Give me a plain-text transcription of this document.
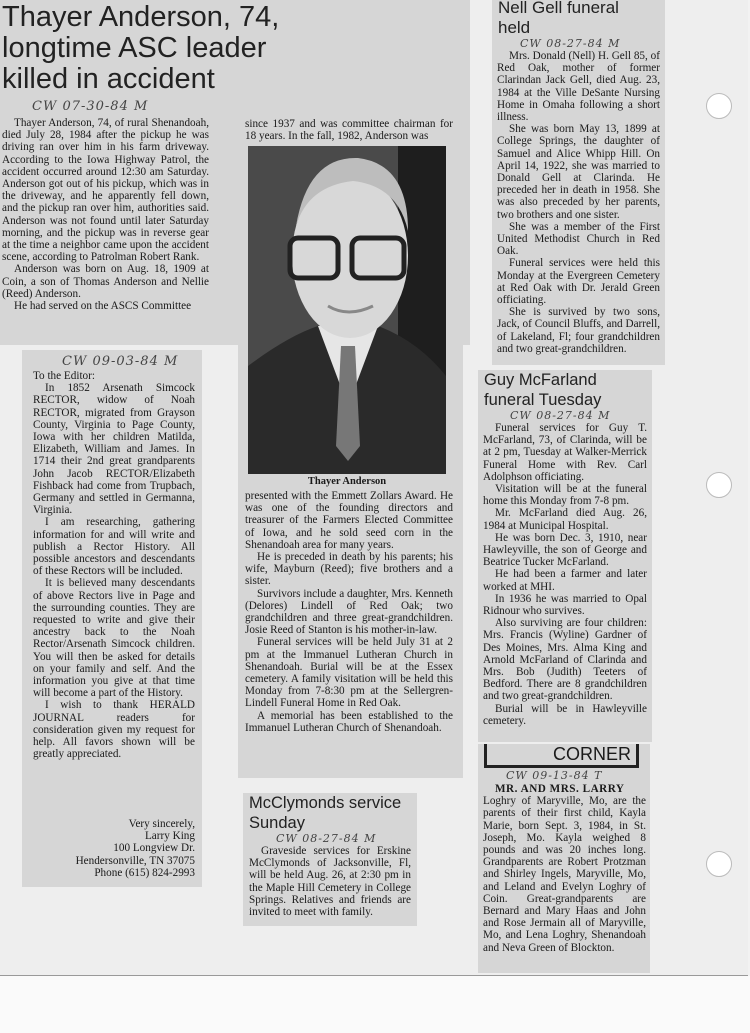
Thayer Anderson, 74, longtime ASC leader killed in accident
CW 07-30-84 M

Thayer Anderson, 74, of rural Shenandoah, died July 28, 1984 after the pickup he was driving ran over him in his farm driveway. According to the Iowa Highway Patrol, the accident occurred around 12:30 am Saturday. Anderson got out of his pickup, which was in the driveway, and he apparently fell down, and the pickup ran over him, authorities said. Anderson was not found until later Saturday morning, and the pickup was in reverse gear at the time a neighbor came upon the accident scene, according to Patrolman Robert Rank.

Anderson was born on Aug. 18, 1909 at Coin, a son of Thomas Anderson and Nellie (Reed) Anderson.

He had served on the ASCS Committee

since 1937 and was committee chairman for 18 years. In the fall, 1982, Anderson was

Thayer Anderson

presented with the Emmett Zollars Award. He was one of the founding directors and treasurer of the Farmers Elected Committee of Iowa, and he sold seed corn in the Shenandoah area for many years.

He is preceded in death by his parents; his wife, Mayburn (Reed); five brothers and a sister.

Survivors include a daughter, Mrs. Kenneth (Delores) Lindell of Red Oak; two grandchildren and three great-grandchildren. Josie Reed of Stanton is his mother-in-law.

Funeral services will be held July 31 at 2 pm at the Immanuel Lutheran Church in Shenandoah. Burial will be at the Essex cemetery. A family visitation will be held this Monday from 7-8:30 pm at the Sellergren-Lindell Funeral Home in Red Oak.

A memorial has been established to the Immanuel Lutheran Church of Shenandoah.

CW 09-03-84 M

To the Editor:

In 1852 Arsenath Simcock RECTOR, widow of Noah RECTOR, migrated from Grayson County, Virginia to Page County, Iowa with her children Matilda, Elizabeth, William and James. In 1714 their 2nd great grandparents John Jacob RECTOR/Elizabeth Fishback had come from Trupbach, Germany and settled in Germanna, Virginia.

I am researching, gathering information for and will write and publish a Rector History. All possible ancestors and descendants of these Rectors will be included.

It is believed many descendants of above Rectors live in Page and the surrounding counties. They are requested to write and give their ancestry back to the Noah Rector/Arsenath Simcock children. You will then be asked for details on your family and self. And the information you give at that time will become a part of the History.

I wish to thank HERALD JOURNAL readers for consideration given my request for help. All favors shown will be greatly appreciated.

Very sincerely,

Larry King

100 Longview Dr.

Hendersonville, TN 37075

Phone (615) 824-2993

Nell Gell funeral held
CW 08-27-84 M

Mrs. Donald (Nell) H. Gell 85, of Red Oak, mother of former Clarindan Jack Gell, died Aug. 23, 1984 at the Ville DeSante Nursing Home in Omaha following a short illness.

She was born May 13, 1899 at College Springs, the daughter of Samuel and Alice Whipp Hill. On April 14, 1922, she was married to Donald Gell at Clarinda. He preceded her in death in 1958. She was also preceded by her parents, two brothers and one sister.

She was a member of the First United Methodist Church in Red Oak.

Funeral services were held this Monday at the Evergreen Cemetery at Red Oak with Dr. Jerald Green officiating.

She is survived by two sons, Jack, of Council Bluffs, and Darrell, of Lakeland, Fl; four grandchildren and two great-grandchildren.

Guy McFarland funeral Tuesday
CW 08-27-84 M

Funeral services for Guy T. McFarland, 73, of Clarinda, will be at 2 pm, Tuesday at Walker-Merrick Funeral Home with Rev. Carl Adolphson officiating.

Visitation will be at the funeral home this Monday from 7-8 pm.

Mr. McFarland died Aug. 26, 1984 at Municipal Hospital.

He was born Dec. 3, 1910, near Hawleyville, the son of George and Beatrice Tucker McFarland.

He had been a farmer and later worked at MHI.

In 1936 he was married to Opal Ridnour who survives.

Also surviving are four children: Mrs. Francis (Wyline) Gardner of Des Moines, Mrs. Alma King and Arnold McFarland of Clarinda and Mrs. Bob (Judith) Teeters of Bedford. There are 8 grandchildren and two great-grandchildren.

Burial will be in Hawleyville cemetery.

CORNER
CW 09-13-84 T

MR. AND MRS. LARRY

Loghry of Maryville, Mo, are the parents of their first child, Kayla Marie, born Sept. 3, 1984, in St. Joseph, Mo. Kayla weighed 8 pounds and was 20 inches long. Grandparents are Robert Protzman and Shirley Ingels, Maryville, Mo, and Leland and Evelyn Loghry of Coin. Great-grandparents are Bernard and Mary Haas and John and Rose Jermain all of Maryville, Mo, and Lena Loghry, Shenandoah and Neva Green of Blockton.

McClymonds service Sunday
CW 08-27-84 M

Graveside services for Erskine McClymonds of Jacksonville, Fl, will be held Aug. 26, at 2:30 pm in the Maple Hill Cemetery in College Springs. Relatives and friends are invited to meet with family.
